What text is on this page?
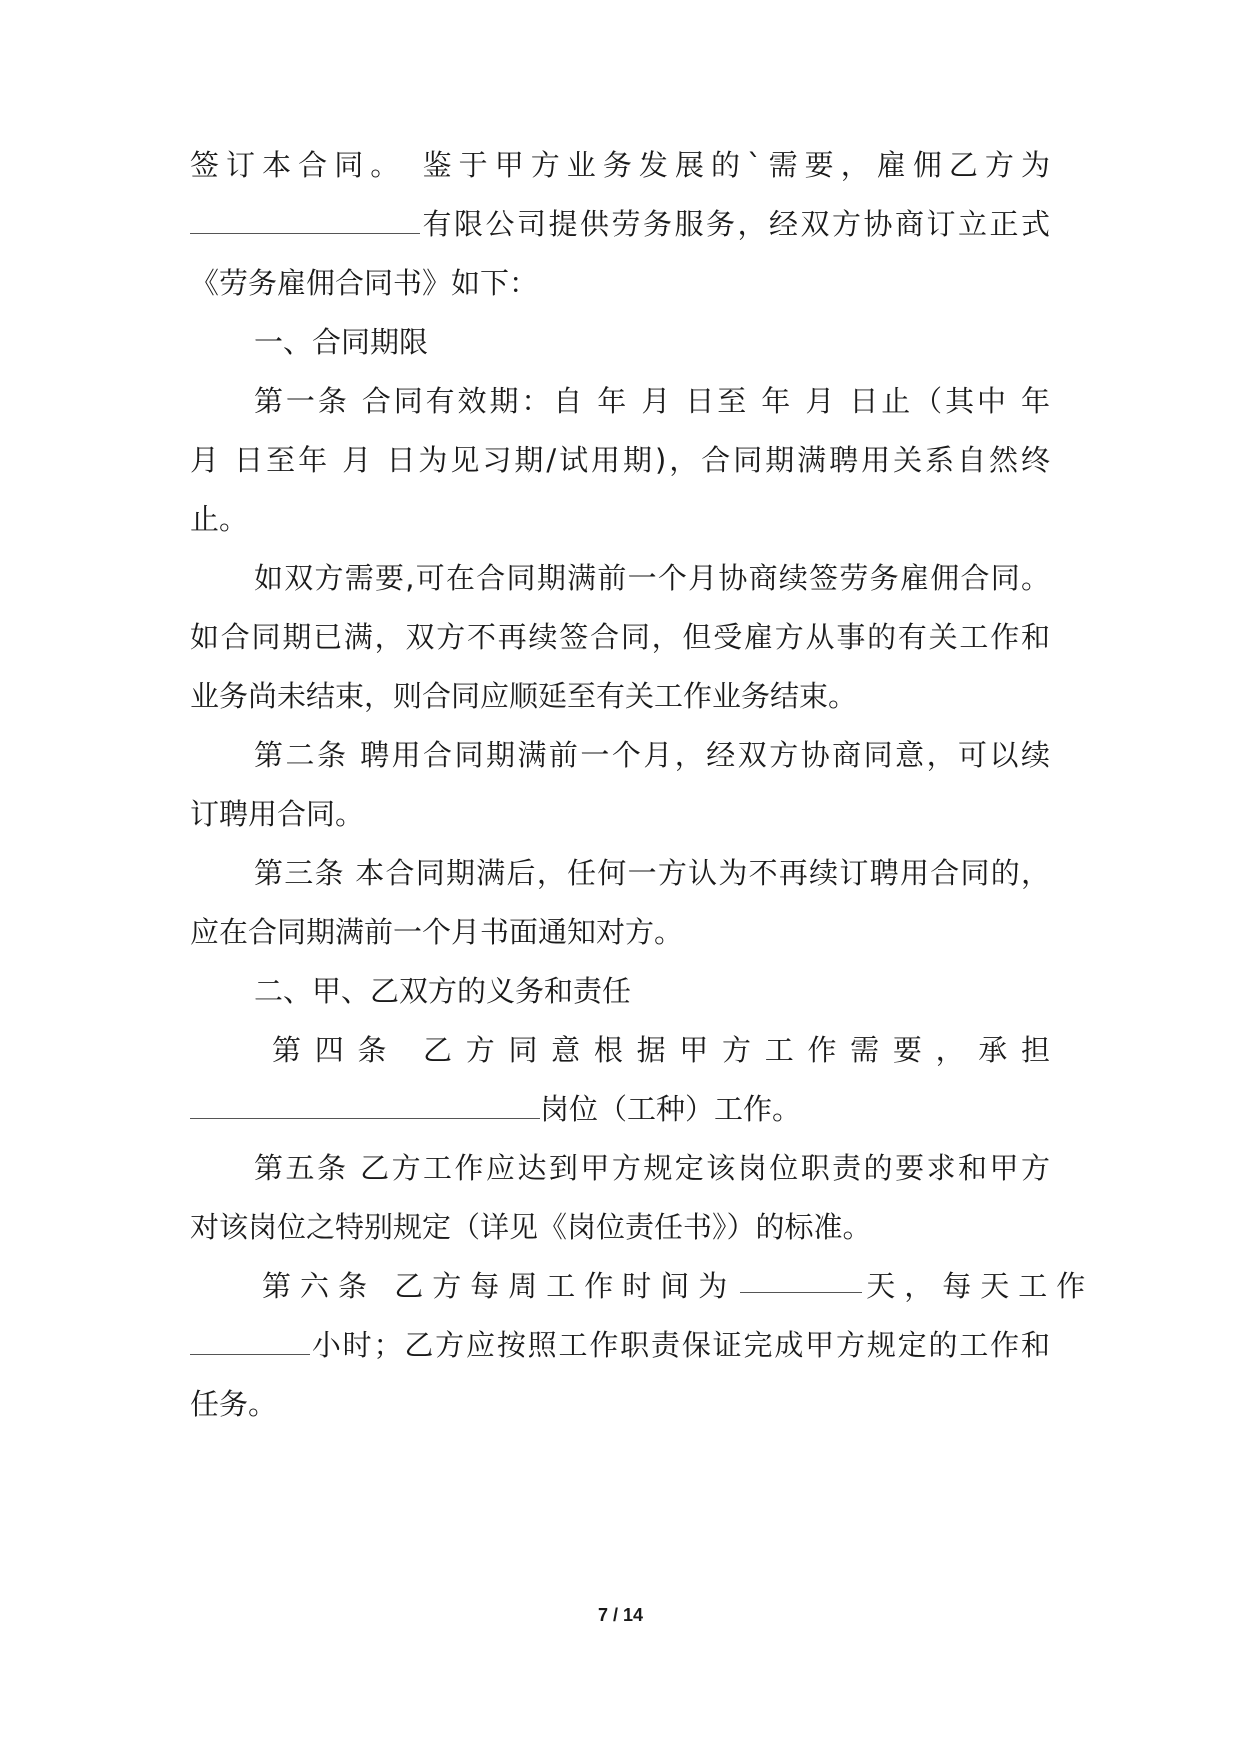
签订本合同。 鉴于甲方业务发展的`需要，雇佣乙方为
有限公司提供劳务服务，经双方协商订立正式
《劳务雇佣合同书》如下：
一、合同期限
第一条 合同有效期：自 年 月 日至 年 月 日止（其中 年
月 日至年 月 日为见习期/试用期)，合同期满聘用关系自然终
止。
如双方需要,可在合同期满前一个月协商续签劳务雇佣合同。
如合同期已满，双方不再续签合同，但受雇方从事的有关工作和
业务尚未结束，则合同应顺延至有关工作业务结束。
第二条 聘用合同期满前一个月，经双方协商同意，可以续
订聘用合同。
第三条 本合同期满后，任何一方认为不再续订聘用合同的，
应在合同期满前一个月书面通知对方。
二、甲、乙双方的义务和责任
第四条 乙方同意根据甲方工作需要，承担
岗位（工种）工作。
第五条 乙方工作应达到甲方规定该岗位职责的要求和甲方
对该岗位之特别规定（详见《岗位责任书》）的标准。
第六条 乙方每周工作时间为	天，每天工作
小时；乙方应按照工作职责保证完成甲方规定的工作和
任务。
7 / 14
